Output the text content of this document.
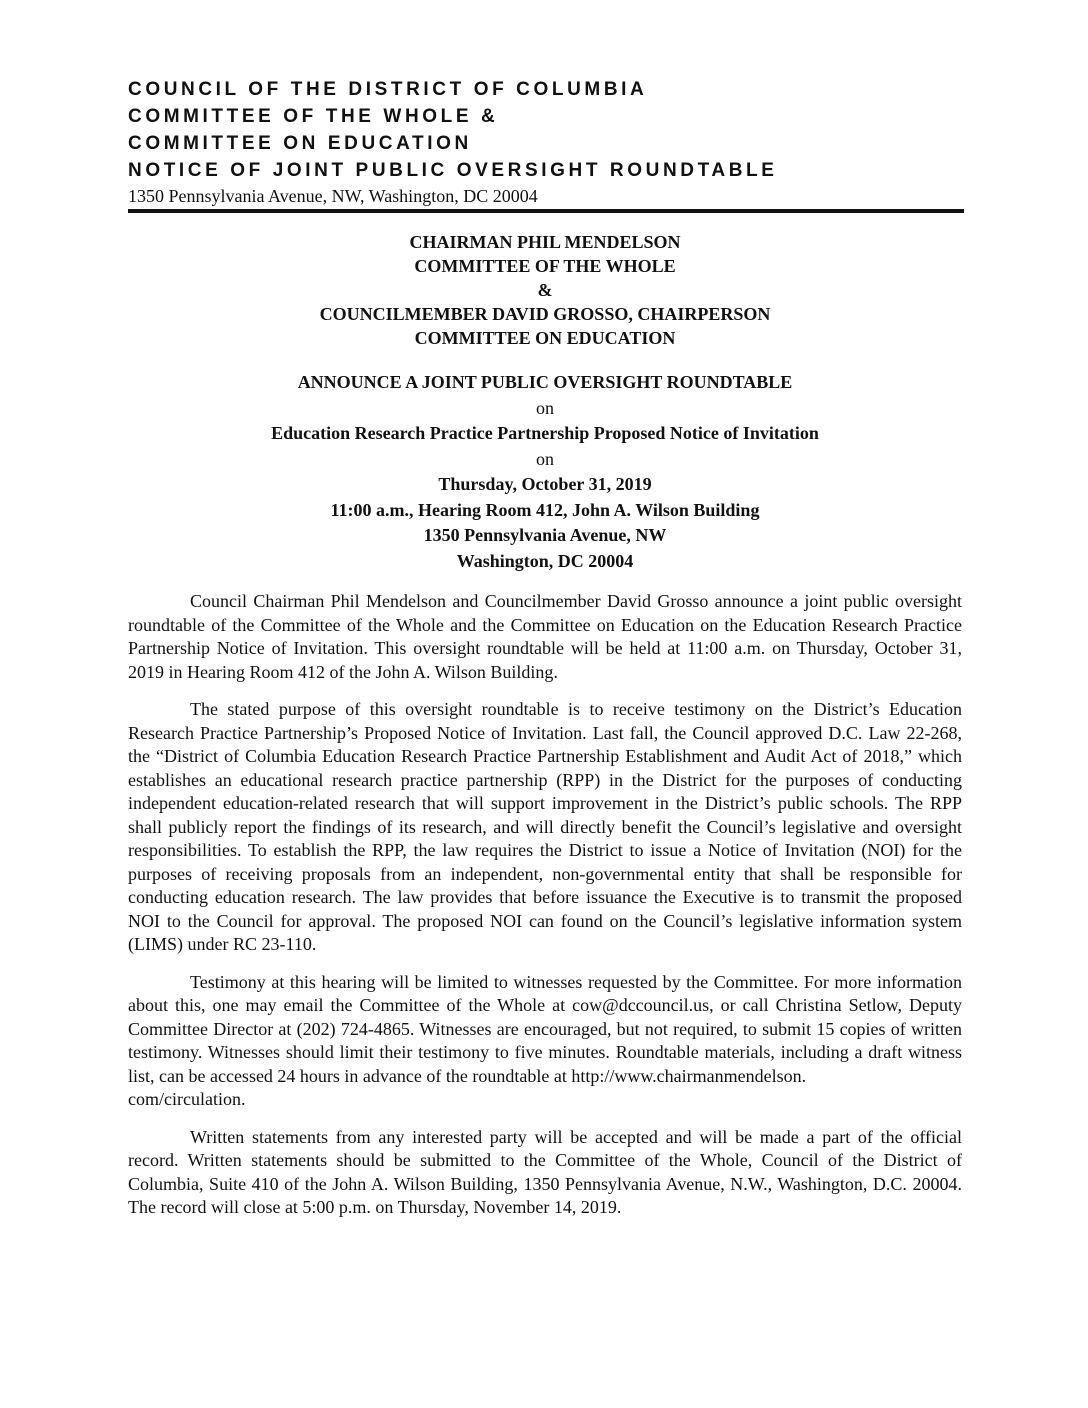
COUNCIL OF THE DISTRICT OF COLUMBIA
COMMITTEE OF THE WHOLE &
COMMITTEE ON EDUCATION
NOTICE OF JOINT PUBLIC OVERSIGHT ROUNDTABLE
1350 Pennsylvania Avenue, NW, Washington, DC 20004
CHAIRMAN PHIL MENDELSON
COMMITTEE OF THE WHOLE
&
COUNCILMEMBER DAVID GROSSO, CHAIRPERSON
COMMITTEE ON EDUCATION
ANNOUNCE A JOINT PUBLIC OVERSIGHT ROUNDTABLE
on
Education Research Practice Partnership Proposed Notice of Invitation
on
Thursday, October 31, 2019
11:00 a.m., Hearing Room 412, John A. Wilson Building
1350 Pennsylvania Avenue, NW
Washington, DC 20004

Council Chairman Phil Mendelson and Councilmember David Grosso announce a joint public oversight roundtable of the Committee of the Whole and the Committee on Education on the Education Research Practice Partnership Notice of Invitation. This oversight roundtable will be held at 11:00 a.m. on Thursday, October 31, 2019 in Hearing Room 412 of the John A. Wilson Building.

The stated purpose of this oversight roundtable is to receive testimony on the District’s Education Research Practice Partnership’s Proposed Notice of Invitation. Last fall, the Council approved D.C. Law 22-268, the “District of Columbia Education Research Practice Partnership Establishment and Audit Act of 2018,” which establishes an educational research practice partnership (RPP) in the District for the purposes of conducting independent education-related research that will support improvement in the District’s public schools. The RPP shall publicly report the findings of its research, and will directly benefit the Council’s legislative and oversight responsibilities. To establish the RPP, the law requires the District to issue a Notice of Invitation (NOI) for the purposes of receiving proposals from an independent, non-governmental entity that shall be responsible for conducting education research. The law provides that before issuance the Executive is to transmit the proposed NOI to the Council for approval. The proposed NOI can found on the Council’s legislative information system (LIMS) under RC 23-110.

Testimony at this hearing will be limited to witnesses requested by the Committee. For more information about this, one may email the Committee of the Whole at cow@dccouncil.us, or call Christina Setlow, Deputy Committee Director at (202) 724-4865. Witnesses are encouraged, but not required, to submit 15 copies of written testimony. Witnesses should limit their testimony to five minutes. Roundtable materials, including a draft witness list, can be accessed 24 hours in advance of the roundtable at http://www.chairmanmendelson.

com/circulation.

Written statements from any interested party will be accepted and will be made a part of the official record. Written statements should be submitted to the Committee of the Whole, Council of the District of Columbia, Suite 410 of the John A. Wilson Building, 1350 Pennsylvania Avenue, N.W., Washington, D.C. 20004. The record will close at 5:00 p.m. on Thursday, November 14, 2019.
